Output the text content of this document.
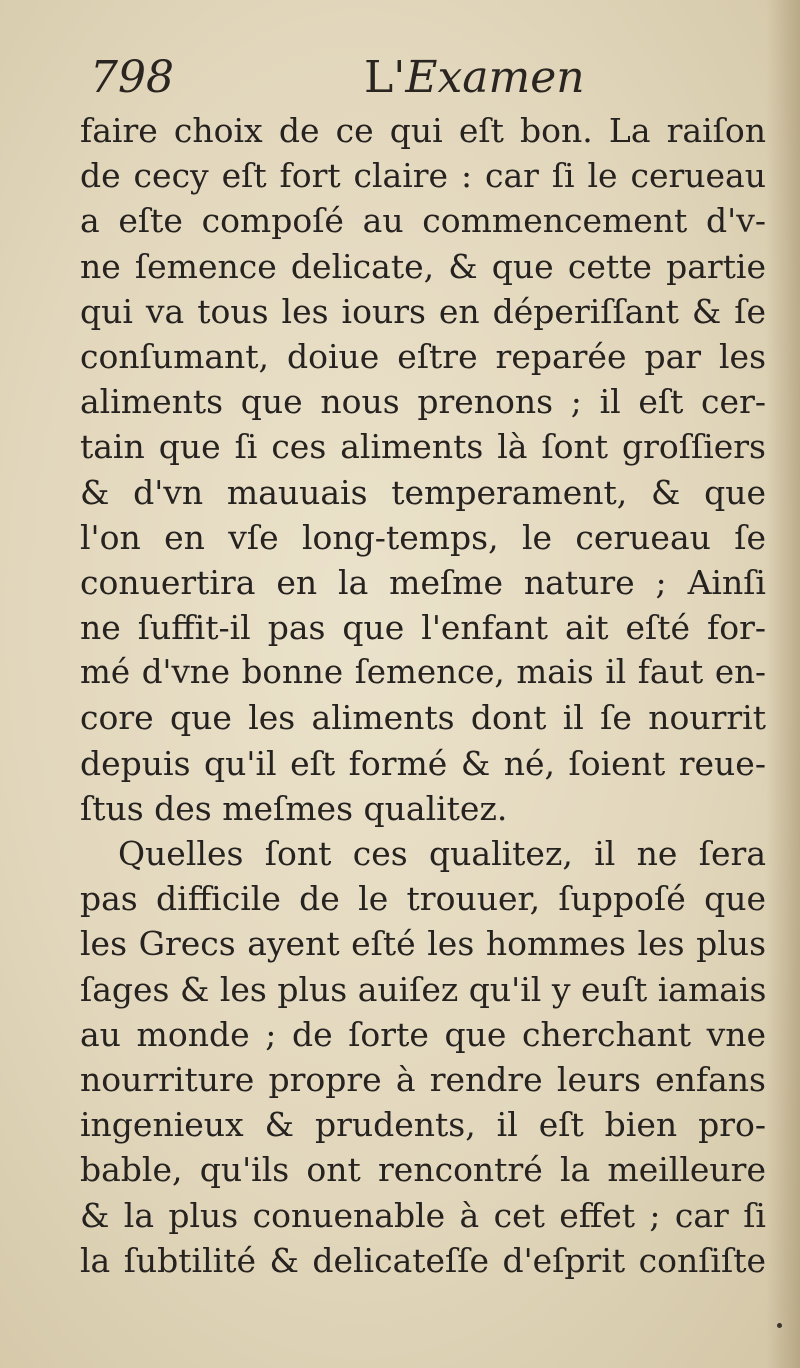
798	L'Examen
faire choix de ce qui eſt bon. La raiſon
de cecy eſt fort claire : car ſi le cerueau
a eſte compoſé au commencement d'v-
ne ſemence delicate, & que cette partie
qui va tous les iours en déperiſſant & ſe
conſumant, doiue eſtre reparée par les
aliments que nous prenons ; il eſt cer-
tain que ſi ces aliments là ſont groſſiers
& d'vn mauuais temperament, & que
l'on en vſe long-temps, le cerueau ſe
conuertira en la meſme nature ; Ainſi
ne ſuffit-il pas que l'enfant ait eſté for-
mé d'vne bonne ſemence, mais il faut en-
core que les aliments dont il ſe nourrit
depuis qu'il eſt formé & né, ſoient reue-
ſtus des meſmes qualitez.
Quelles ſont ces qualitez, il ne ſera
pas difficile de le trouuer, ſuppoſé que
les Grecs ayent eſté les hommes les plus
ſages & les plus auiſez qu'il y euſt iamais
au monde ; de ſorte que cherchant vne
nourriture propre à rendre leurs enfans
ingenieux & prudents, il eſt bien pro-
bable, qu'ils ont rencontré la meilleure
& la plus conuenable à cet effet ; car ſi
la ſubtilité & delicateſſe d'eſprit conſiſte
